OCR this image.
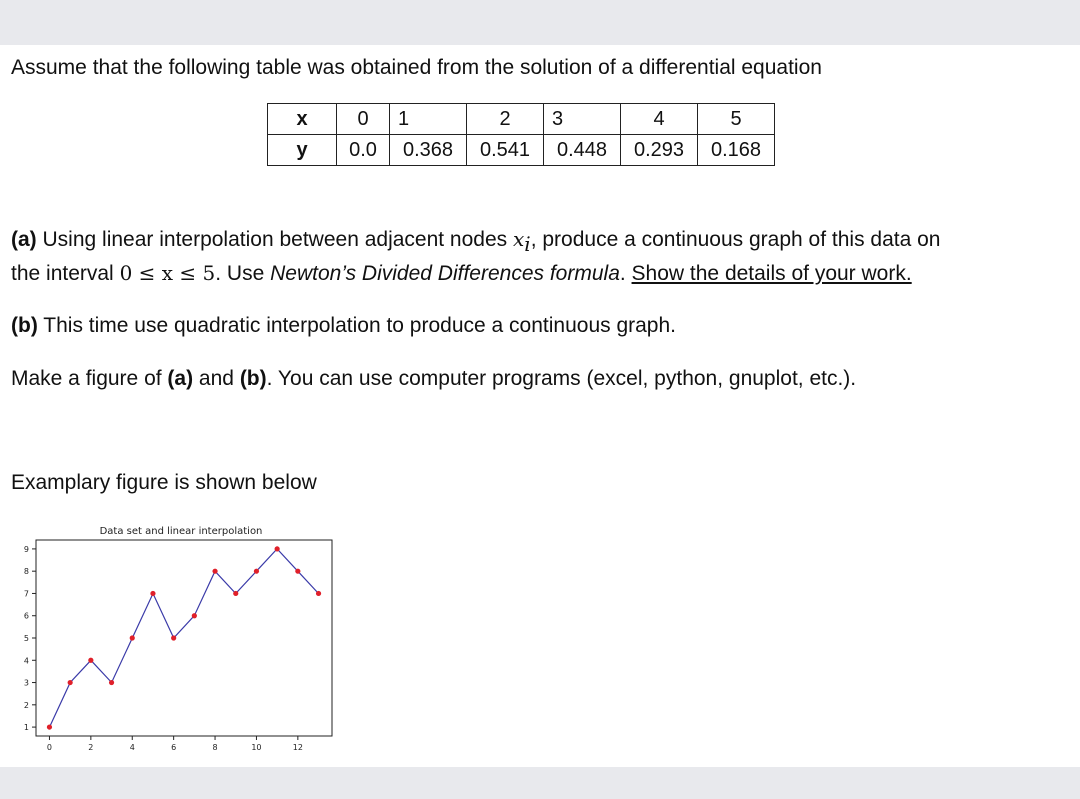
Assume that the following table was obtained from the solution of a differential equation
x	0	1	2	3	4	5
y	0.0	0.368	0.541	0.448	0.293	0.168
(a) Using linear interpolation between adjacent nodes $x_i$, produce a continuous graph of this data on
the interval 0 ≤ x ≤ 5. Use Newton’s Divided Differences formula. Show the details of your work.
(b) This time use quadratic interpolation to produce a continuous graph.
Make a figure of (a) and (b). You can use computer programs (excel, python, gnuplot, etc.).
Examplary figure is shown below
Data set and linear interpolation
0	2	4	6	8	10	12
1
2
3
4
5
6
7
8
9
